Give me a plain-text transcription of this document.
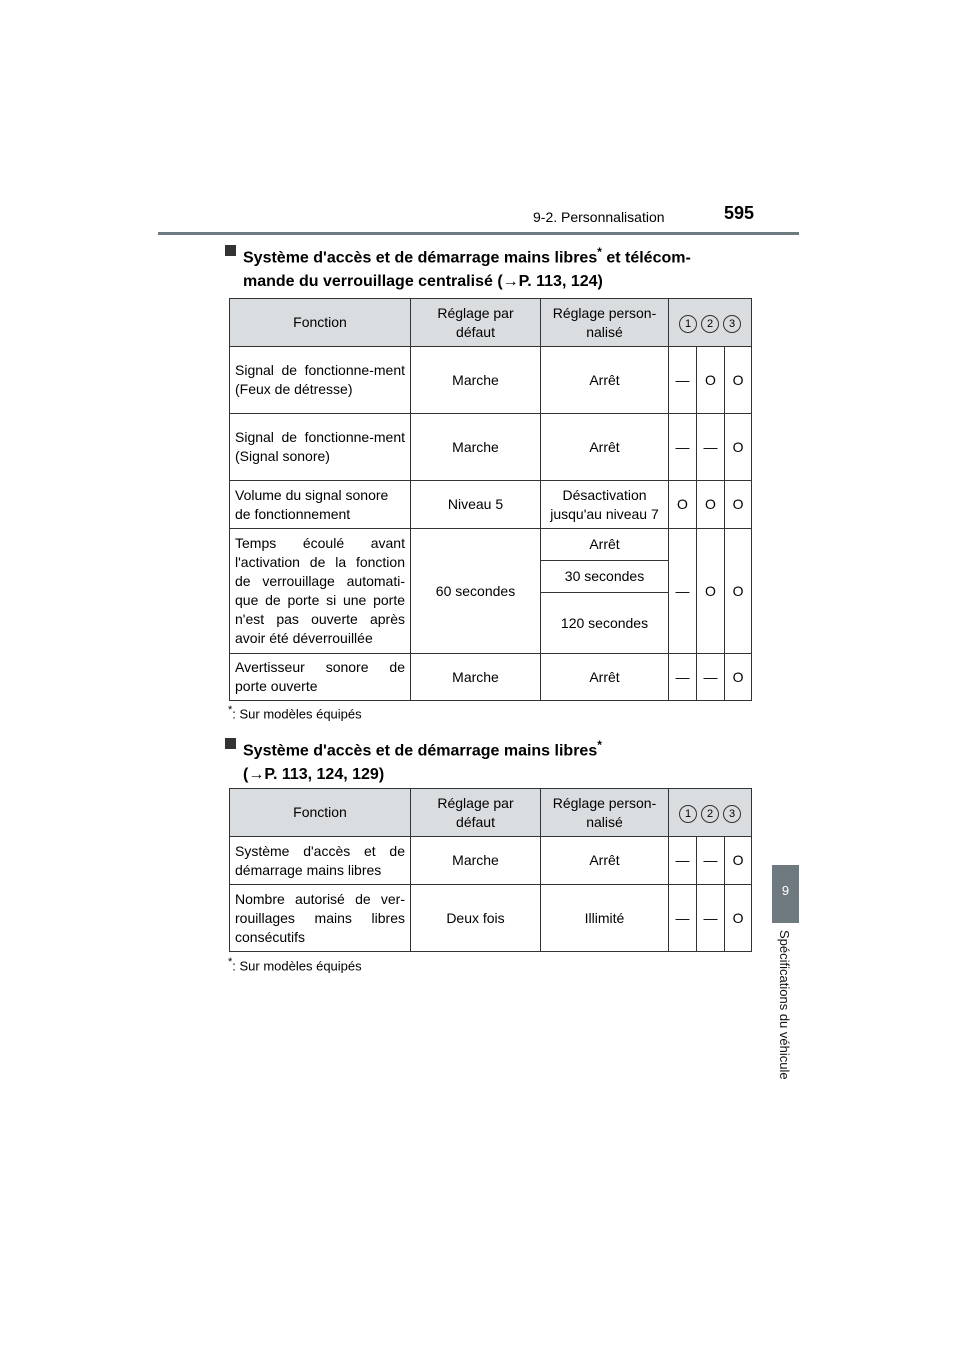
9-2. Personnalisation	595
9
Spécifications du véhicule
Système d'accès et de démarrage mains libres* et télécom-
mande du verrouillage centralisé (→P. 113, 124)
Fonction	Réglage par défaut	Réglage person-nalisé	1 2 3		
Signal de fonctionne-ment (Feux de détresse)	Marche	Arrêt	—	O	O
Signal de fonctionne-ment (Signal sonore)	Marche	Arrêt	—	—	O
Volume du signal sonore de fonctionnement	Niveau 5	Désactivation jusqu'au niveau 7	O	O	O
Temps écoulé avant l'activation de la fonction de verrouillage automati-que de porte si une porte n'est pas ouverte après avoir été déverrouillée	60 secondes	Arrêt	—	O	O
		30 secondes			
		120 secondes			
Avertisseur sonore de porte ouverte	Marche	Arrêt	—	—	O
*: Sur modèles équipés
Système d'accès et de démarrage mains libres*
(→P. 113, 124, 129)
Fonction	Réglage par défaut	Réglage person-nalisé	1 2 3		
Système d'accès et de démarrage mains libres	Marche	Arrêt	—	—	O
Nombre autorisé de ver-rouillages mains libres consécutifs	Deux fois	Illimité	—	—	O
*: Sur modèles équipés
